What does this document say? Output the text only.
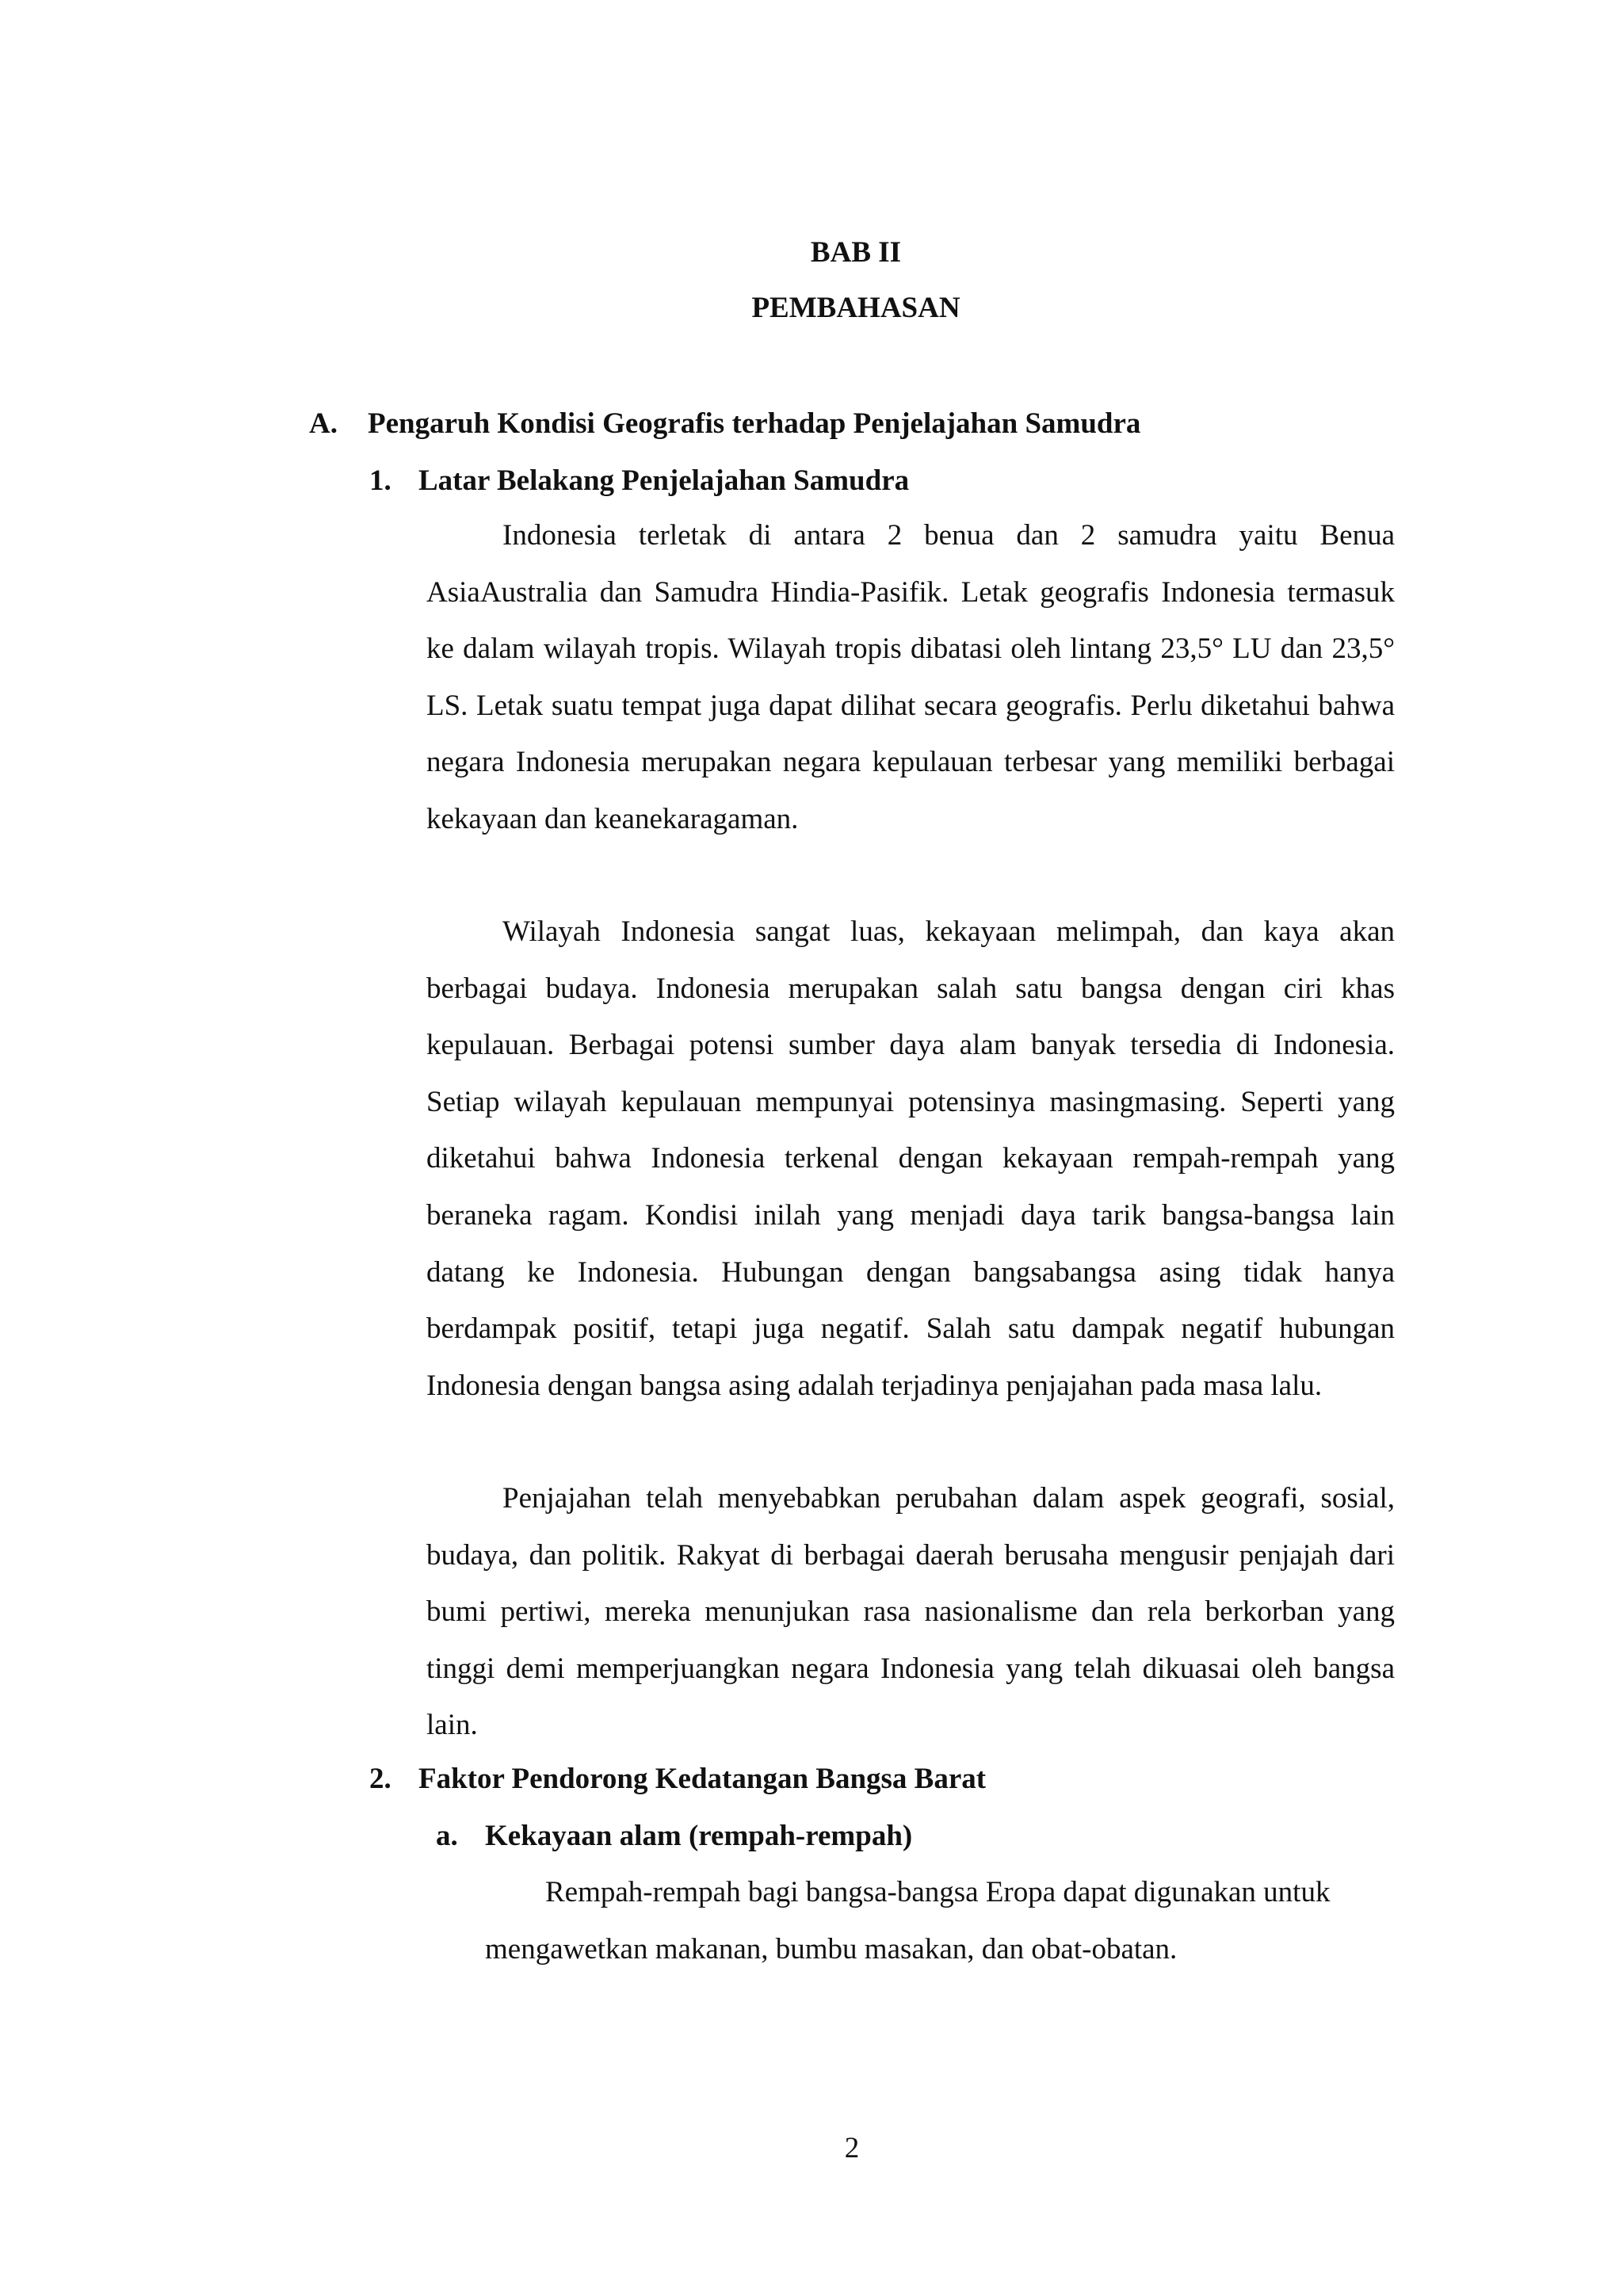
BAB II

PEMBAHASAN

A. Pengaruh Kondisi Geografis terhadap Penjelajahan Samudra

1. Latar Belakang Penjelajahan Samudra

Indonesia terletak di antara 2 benua dan 2 samudra yaitu Benua AsiaAustralia dan Samudra Hindia-Pasifik. Letak geografis Indonesia termasuk ke dalam wilayah tropis. Wilayah tropis dibatasi oleh lintang 23,5° LU dan 23,5° LS. Letak suatu tempat juga dapat dilihat secara geografis. Perlu diketahui bahwa negara Indonesia merupakan negara kepulauan terbesar yang memiliki berbagai kekayaan dan keanekaragaman.

Wilayah Indonesia sangat luas, kekayaan melimpah, dan kaya akan berbagai budaya. Indonesia merupakan salah satu bangsa dengan ciri khas kepulauan. Berbagai potensi sumber daya alam banyak tersedia di Indonesia. Setiap wilayah kepulauan mempunyai potensinya masingmasing. Seperti yang diketahui bahwa Indonesia terkenal dengan kekayaan rempah-rempah yang beraneka ragam. Kondisi inilah yang menjadi daya tarik bangsa-bangsa lain datang ke Indonesia. Hubungan dengan bangsabangsa asing tidak hanya berdampak positif, tetapi juga negatif. Salah satu dampak negatif hubungan Indonesia dengan bangsa asing adalah terjadinya penjajahan pada masa lalu.

Penjajahan telah menyebabkan perubahan dalam aspek geografi, sosial, budaya, dan politik. Rakyat di berbagai daerah berusaha mengusir penjajah dari bumi pertiwi, mereka menunjukan rasa nasionalisme dan rela berkorban yang tinggi demi memperjuangkan negara Indonesia yang telah dikuasai oleh bangsa lain.

2. Faktor Pendorong Kedatangan Bangsa Barat

a. Kekayaan alam (rempah-rempah)

Rempah-rempah bagi bangsa-bangsa Eropa dapat digunakan untuk mengawetkan makanan, bumbu masakan, dan obat-obatan.

2
